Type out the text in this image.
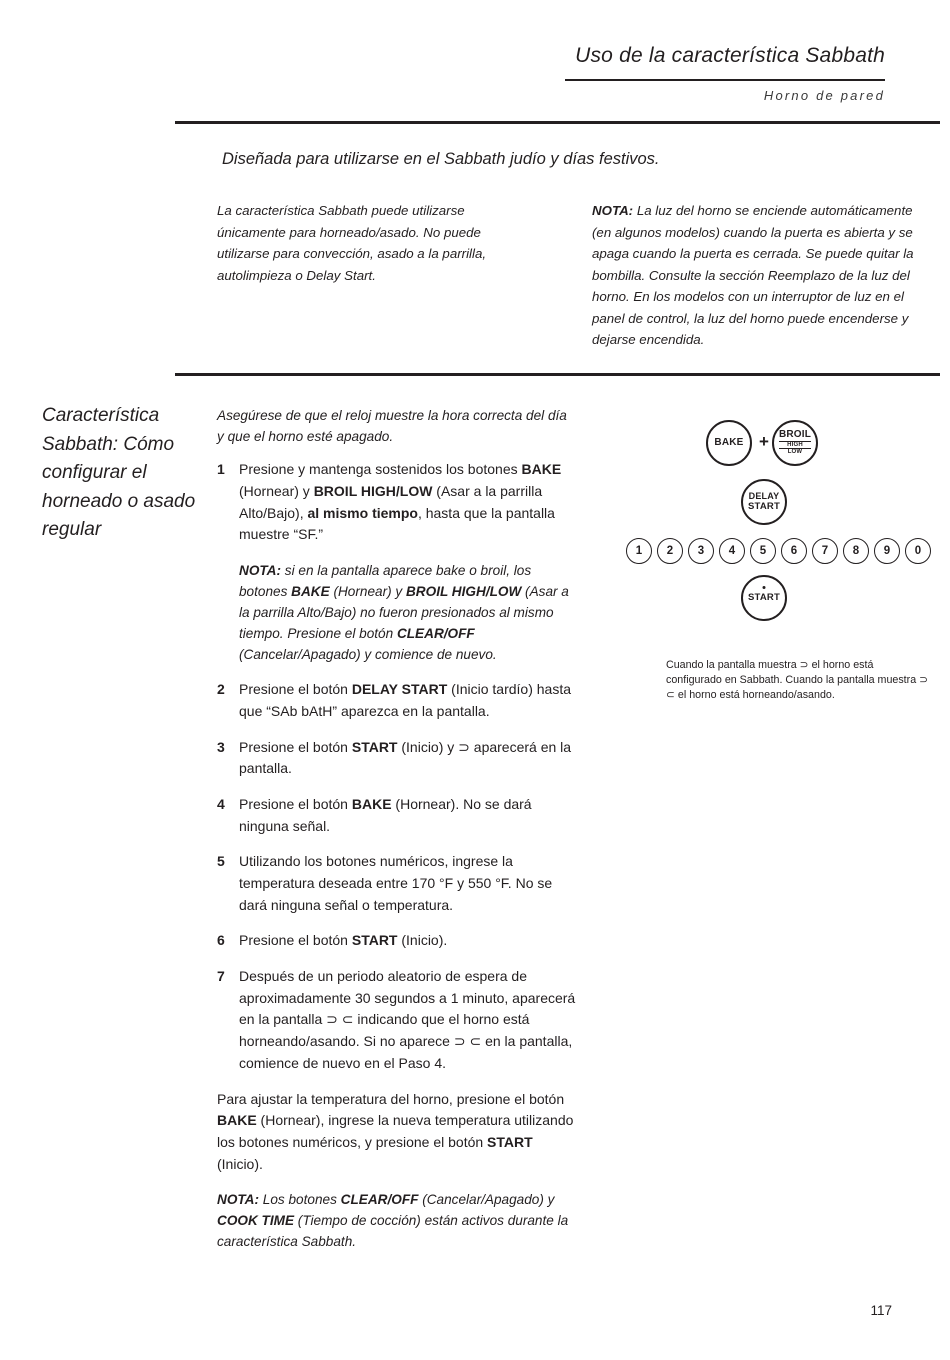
Uso de la característica Sabbath
Horno de pared
Diseñada para utilizarse en el Sabbath judío y días festivos.
La característica Sabbath puede utilizarse únicamente para horneado/asado. No puede utilizarse para convección, asado a la parrilla, autolimpieza o Delay Start.
NOTA: La luz del horno se enciende automáticamente (en algunos modelos) cuando la puerta es abierta y se apaga cuando la puerta es cerrada. Se puede quitar la bombilla. Consulte la sección Reemplazo de la luz del horno. En los modelos con un interruptor de luz en el panel de control, la luz del horno puede encenderse y dejarse encendida.
Característica Sabbath: Cómo configurar el horneado o asado regular
Asegúrese de que el reloj muestre la hora correcta del día y que el horno esté apagado.
1	Presione y mantenga sostenidos los botones BAKE (Hornear) y BROIL HIGH/LOW (Asar a la parrilla Alto/Bajo), al mismo tiempo, hasta que la pantalla muestre “SF.”
NOTA: si en la pantalla aparece bake o broil, los botones BAKE (Hornear) y BROIL HIGH/LOW (Asar a la parrilla Alto/Bajo) no fueron presionados al mismo tiempo. Presione el botón CLEAR/OFF (Cancelar/Apagado) y comience de nuevo.
2	Presione el botón DELAY START (Inicio tardío) hasta que “SAb bAtH” aparezca en la pantalla.
3	Presione el botón START (Inicio) y ⊃ aparecerá en la pantalla.
4	Presione el botón BAKE (Hornear). No se dará ninguna señal.
5	Utilizando los botones numéricos, ingrese la temperatura deseada entre 170 °F y 550 °F. No se dará ninguna señal o temperatura.
6	Presione el botón START (Inicio).
7	Después de un periodo aleatorio de espera de aproximadamente 30 segundos a 1 minuto, aparecerá en la pantalla ⊃ ⊂ indicando que el horno está horneando/asando. Si no aparece ⊃ ⊂ en la pantalla, comience de nuevo en el Paso 4.
Para ajustar la temperatura del horno, presione el botón BAKE (Hornear), ingrese la nueva temperatura utilizando los botones numéricos, y presione el botón START (Inicio).
NOTA: Los botones CLEAR/OFF (Cancelar/Apagado) y COOK TIME (Tiempo de cocción) están activos durante la característica Sabbath.
BAKE + BROIL
HIGH
LOW
DELAY
START
1	2	3	4	5	6	7	8	9	0
START
Cuando la pantalla muestra ⊃ el horno está configurado en Sabbath. Cuando la pantalla muestra ⊃ ⊂ el horno está horneando/asando.
117
